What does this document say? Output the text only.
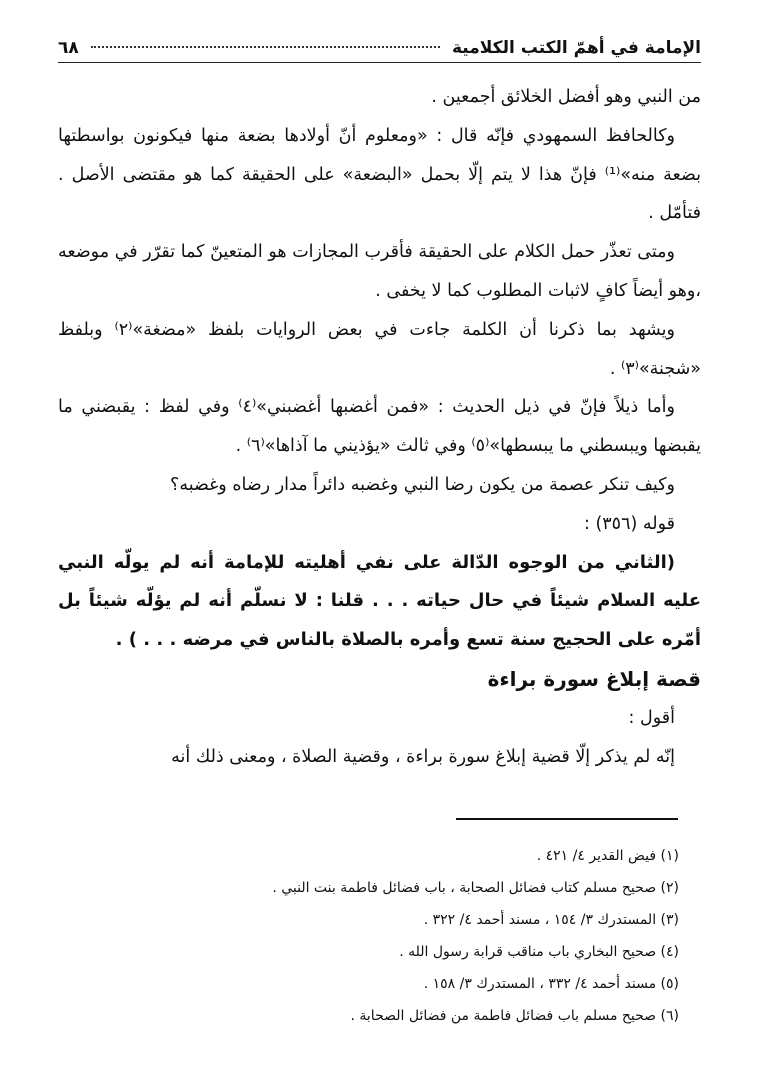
الإمامة في أهمّ الكتب الكلامية
٦٨

من النبي وهو أفضل الخلائق أجمعين .

وكالحافظ السمهودي فإنّه قال : «ومعلوم أنّ أولادها بضعة منها فيكونون بواسطتها بضعة منه»⁽¹⁾ فإنّ هذا لا يتم إلّا بحمل «البضعة» على الحقيقة كما هو مقتضى الأصل . فتأمّل .

ومتى تعذّر حمل الكلام على الحقيقة فأقرب المجازات هو المتعينّ كما تقرّر في موضعه ،وهو أيضاً كافٍ لاثبات المطلوب كما لا يخفى .

ويشهد بما ذكرنا أن الكلمة جاءت في بعض الروايات بلفظ «مضغة»⁽٢⁾ وبلفظ «شجنة»⁽٣⁾ .

وأما ذيلاً فإنّ في ذيل الحديث : «فمن أغضبها أغضبني»⁽٤⁾ وفي لفظ : يقبضني ما يقبضها ويبسطني ما يبسطها»⁽٥⁾ وفي ثالث «يؤذيني ما آذاها»⁽٦⁾ .

وكيف تنكر عصمة من يكون رضا النبي وغضبه دائراً مدار رضاه وغضبه؟

قوله (٣٥٦) :

(الثاني من الوجوه الدّالة على نفي أهليته للإمامة أنه لم يولّه النبي عليه السلام شيئاً في حال حياته . . . قلنا : لا نسلّم أنه لم يؤلّه شيئاً بل أمّره على الحجيج سنة تسع وأمره بالصلاة بالناس في مرضه . . . ) .

قصة إبلاغ سورة براءة

أقول :

إنّه لم يذكر إلّا قضية إبلاغ سورة براءة ، وقضية الصلاة ، ومعنى ذلك أنه

(١) فيض القدير ٤/ ٤٢١ .

(٢) صحيح مسلم كتاب فضائل الصحابة ، باب فضائل فاطمة بنت النبي .

(٣) المستدرك ٣/ ١٥٤ ، مسند أحمد ٤/ ٣٢٢ .

(٤) صحيح البخاري باب مناقب قرابة رسول الله .

(٥) مسند أحمد ٤/ ٣٣٢ ، المستدرك ٣/ ١٥٨ .

(٦) صحيح مسلم باب فضائل فاطمة من فضائل الصحابة .
